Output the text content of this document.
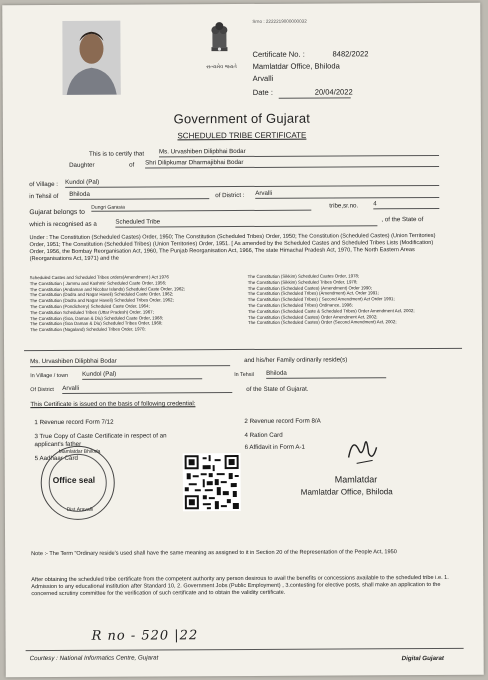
Srno : 2222219000000032
સત્યમેવ જયતે
Certificate No. :	8482/2022
Mamlatdar Office, Bhiloda
Arvalli
Date :	20/04/2022
Government of Gujarat
SCHEDULED TRIBE CERTIFICATE
This is to certify that Ms. Urvashiben Dilipbhai Bodar
Daughter	of Shri Dilipkumar Dharmajibhai Bodar
of Village : Kundol (Pal)
in Tehsil of Bhiloda	of District : Arvalli
Gujarat belongs to
Dungri Garasia	tribe,sr.no. 4
which is recognised as a	Scheduled Tribe	, of the State of
Under : The Constitution (Scheduled Castes) Order, 1950; The Constitution (Scheduled Tribes) Order, 1950; The Constitution (Scheduled Castes) (Union Territories) Order, 1951; The Constitution (Scheduled Tribes) (Union Territories) Order, 1951. [ As amended by the Scheduled Castes and Scheduled Tribes Lists (Modification) Order, 1956, the Bombay Reorganisation Act, 1960, The Punjab Reorganisation Act, 1966, The state Himachal Pradesh Act, 1970, The North Eastern Areas (Reorganisations Act, 1971) and the
Scheduled Castes and Scheduled Tribes orders(Amendment ) Act 1976
The Constitution ( Jammu and Kashmir Scheduled Caste Order, 1956;
The Constitution (Andaman and Nicobar Islands) Scheduled Caste Order, 1962;
The Constitution (Dadra and Nagar Haveli) Scheduled Caste Order, 1962;
The Constitution (Dadra and Nagar Haveli) Scheduled Tribes Order, 1962;
The Constitution (Pondicherry) Scheduled Caste Order, 1964;
The Constitution Scheduled Tribes (Uttar Pradesh) Order, 1967;
The Constitution (Goa, Daman & Diu) Scheduled Caste Order, 1968;
The Constitution (Goa Daman & Diu) Scheduled Tribes Order, 1968;
The Constitution (Nagaland) Scheduled Tribes Order, 1970;
The Constitution (Sikkim) Scheduled Castes Order, 1978;
The Constitution (Sikkim) Scheduled Tribes Order, 1978;
The Constitution (Scheduled Castes) (Amendment) Order 1990;
The Constitution (Scheduled Tribes) (Amendment) Act, Order 1991;
The Constitution (Scheduled Tribes) ( Second Amendment) Act Order 1991;
The Constitution (Scheduled Tribes) Ordinance, 1996;
The Constitution (Scheduled Caste & Scheduled Tribes) Order Amendment Act, 2002;
The Constitution (Scheduled Castes) Order Amendment Act, 2002;
The Constitution (Scheduled Castes) Order (Second Amendment) Act, 2002;
Ms. Urvashiben Dilipbhai Bodar	and his/her Family ordinarily reside(s)
In Village / town Kundol (Pal)	In Tehsil Bhiloda
Of District Arvalli	of the State of Gujarat.
This Certificate is issued on the basis of following credential:
1 Revenue record Form 7/12
3 True Copy of Caste Certificate in respect of an applicant's father
5 Aadhaar Card
2 Revenue record Form 8/A
4 Ration Card
6 Affidavit in Form A-1
Mamlatdar Bhiloda
Office seal
Dist.Aravalli
Mamlatdar
Mamlatdar Office, Bhiloda
Note :- The Term "Ordinary reside's used shall have the same meaning as assigned to it in Section 20 of the Representation of the People Act, 1950
After obtaining the scheduled tribe certificate from the competent authority any person desirous to avail the benefits or concessions available to the scheduled tribe i.e. 1. Admission to any educational institution after Standard 10, 2. Government Jobs (Public Employment) , 3.contesting for elective posts, shall make an application to the concerned scrutiny committee for the verification of such certificate and to obtain the validity certificate.
R no - 520 |22
Courtesy : National Informatics Centre, Gujarat	Digital Gujarat
